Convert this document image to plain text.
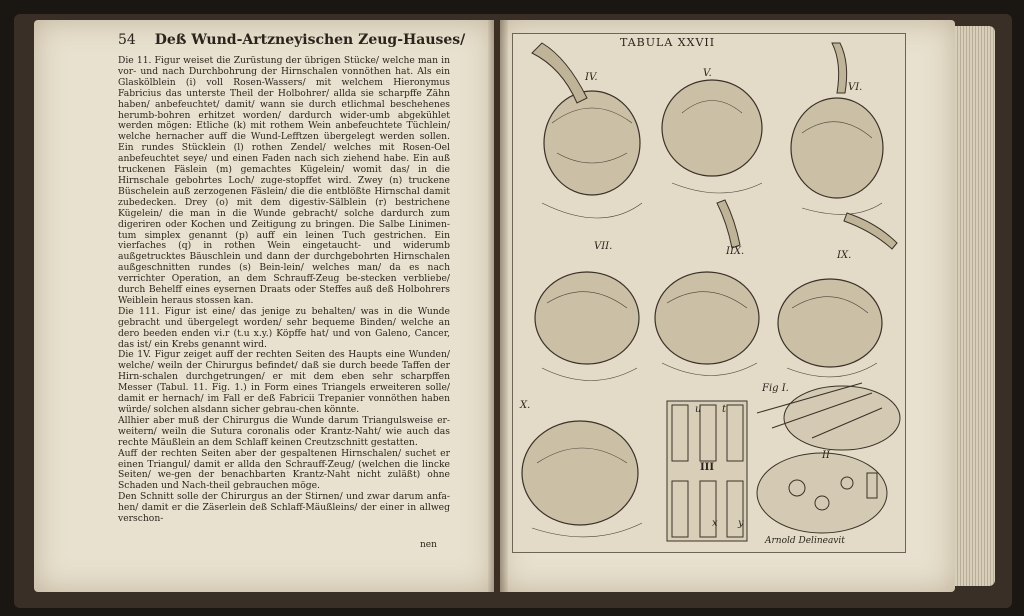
54 Deß Wund-Artzneyischen Zeug-Hauses/

Die 11. Figur weiset die Zurüstung der übrigen Stücke/ welche man in vor- und nach Durchbohrung der Hirnschalen vonnöthen hat. Als ein Glaskölblein (i) voll Rosen-Wassers/ mit welchem Hieronymus Fabricius das unterste Theil der Holbohrer/ allda sie scharpffe Zähn haben/ anbefeuchtet/ damit/ wann sie durch etlichmal beschehenes herumb-bohren erhitzet worden/ dardurch wider-umb abgekühlet werden mögen: Etliche (k) mit rothem Wein anbefeuchtete Tüchlein/ welche hernacher auff die Wund-Lefftzen übergelegt werden sollen. Ein rundes Stücklein (l) rothen Zendel/ welches mit Rosen-Oel anbefeuchtet seye/ und einen Faden nach sich ziehend habe. Ein auß truckenen Fäslein (m) gemachtes Kügelein/ womit das/ in die Hirnschale gebohrtes Loch/ zuge-stopffet wird. Zwey (n) truckene Büschelein auß zerzogenen Fäslein/ die die entblößte Hirnschal damit zubedecken. Drey (o) mit dem digestiv-Sälblein (r) bestrichene Kügelein/ die man in die Wunde gebracht/ solche dardurch zum digeriren oder Kochen und Zeitigung zu bringen. Die Salbe Linimen-tum simplex genannt (p) auff ein leinen Tuch gestrichen. Ein vierfaches (q) in rothen Wein eingetaucht- und widerumb außgetrucktes Bäuschlein und dann der durchgebohrten Hirnschalen außgeschnitten rundes (s) Bein-lein/ welches man/ da es nach verrichter Operation, an dem Schrauff-Zeug be-stecken verbliebe/ durch Behelff eines eysernen Draats oder Steffes auß deß Holbohrers Weiblein heraus stossen kan.

Die 111. Figur ist eine/ das jenige zu behalten/ was in die Wunde gebracht und übergelegt worden/ sehr bequeme Binden/ welche an dero beeden enden vi.r (t.u x.y.) Köpffe hat/ und von Galeno, Cancer, das ist/ ein Krebs genannt wird.

Die 1V. Figur zeiget auff der rechten Seiten des Haupts eine Wunden/ welche/ weiln der Chirurgus befindet/ daß sie durch beede Taffen der Hirn-schalen durchgetrungen/ er mit dem eben sehr scharpffen Messer (Tabul. 11. Fig. 1.) in Form eines Triangels erweiteren solle/ damit er hernach/ im Fall er deß Fabricii Trepanier vonnöthen haben würde/ solchen alsdann sicher gebrau-chen könnte.

Allhier aber muß der Chirurgus die Wunde darum Triangulsweise er-weitern/ weiln die Sutura coronalis oder Krantz-Naht/ wie auch das rechte Mäußlein an dem Schlaff keinen Creutzschnitt gestatten.

Auff der rechten Seiten aber der gespaltenen Hirnschalen/ suchet er einen Triangul/ damit er allda den Schrauff-Zeug/ (welchen die lincke Seiten/ we-gen der benachbarten Krantz-Naht nicht zuläßt) ohne Schaden und Nach-theil gebrauchen möge.

Den Schnitt solle der Chirurgus an der Stirnen/ und zwar darum anfa-hen/ damit er die Zäserlein deß Schlaff-Mäußleins/ der einer in allweg verschon-

nen
TABULA XXVII
IV.	V.
VI.
VII.	IIX.	IX.
X.
Fig I.
III
II
u t
x y
Arnold Delineavit
